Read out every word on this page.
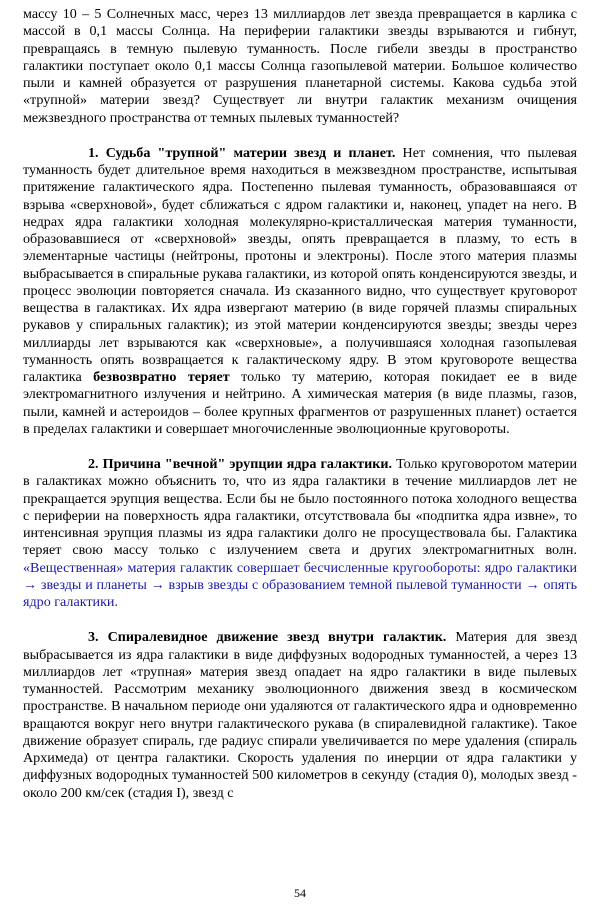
массу 10 – 5 Солнечных масс, через 13 миллиардов лет звезда превращается в карлика с массой в 0,1 массы Солнца. На периферии галактики звезды взрываются и гибнут, превращаясь в темную пылевую туманность. После гибели звезды в пространство галактики поступает около 0,1 массы Солнца газопылевой материи. Большое количество пыли и камней образуется от разрушения планетарной системы. Какова судьба этой «трупной» материи звезд? Существует ли внутри галактик механизм очищения межзвездного пространства от темных пылевых туманностей?

1. Судьба "трупной" материи звезд и планет. Нет сомнения, что пылевая туманность будет длительное время находиться в межзвездном пространстве, испытывая притяжение галактического ядра. Постепенно пылевая туманность, образовавшаяся от взрыва «сверхновой», будет сближаться с ядром галактики и, наконец, упадет на него. В недрах ядра галактики холодная молекулярно-кристаллическая материя туманности, образовавшиеся от «сверхновой» звезды, опять превращается в плазму, то есть в элементарные частицы (нейтроны, протоны и электроны). После этого материя плазмы выбрасывается в спиральные рукава галактики, из которой опять конденсируются звезды, и процесс эволюции повторяется сначала. Из сказанного видно, что существует круговорот вещества в галактиках. Их ядра извергают материю (в виде горячей плазмы спиральных рукавов у спиральных галактик); из этой материи конденсируются звезды; звезды через миллиарды лет взрываются как «сверхновые», а получившаяся холодная газопылевая туманность опять возвращается к галактическому ядру. В этом круговороте вещества галактика безвозвратно теряет только ту материю, которая покидает ее в виде электромагнитного излучения и нейтрино. А химическая материя (в виде плазмы, газов, пыли, камней и астероидов – более крупных фрагментов от разрушенных планет) остается в пределах галактики и совершает многочисленные эволюционные круговороты.

2. Причина "вечной" эрупции ядра галактики. Только круговоротом материи в галактиках можно объяснить то, что из ядра галактики в течение миллиардов лет не прекращается эрупция вещества. Если бы не было постоянного потока холодного вещества с периферии на поверхность ядра галактики, отсутствовала бы «подпитка ядра извне», то интенсивная эрупция плазмы из ядра галактики долго не просуществовала бы. Галактика теряет свою массу только с излучением света и других электромагнитных волн. «Вещественная» материя галактик совершает бесчисленные кругообороты: ядро галактики → звезды и планеты → взрыв звезды с образованием темной пылевой туманности → опять ядро галактики.

3. Спиралевидное движение звезд внутри галактик. Материя для звезд выбрасывается из ядра галактики в виде диффузных водородных туманностей, а через 13 миллиардов лет «трупная» материя звезд опадает на ядро галактики в виде пылевых туманностей. Рассмотрим механику эволюционного движения звезд в космическом пространстве. В начальном периоде они удаляются от галактического ядра и одновременно вращаются вокруг него внутри галактического рукава (в спиралевидной галактике). Такое движение образует спираль, где радиус спирали увеличивается по мере удаления (спираль Архимеда) от центра галактики. Скорость удаления по инерции от ядра галактики у диффузных водородных туманностей 500 километров в секунду (стадия 0), молодых звезд - около 200 км/сек (стадия I), звезд с

54
